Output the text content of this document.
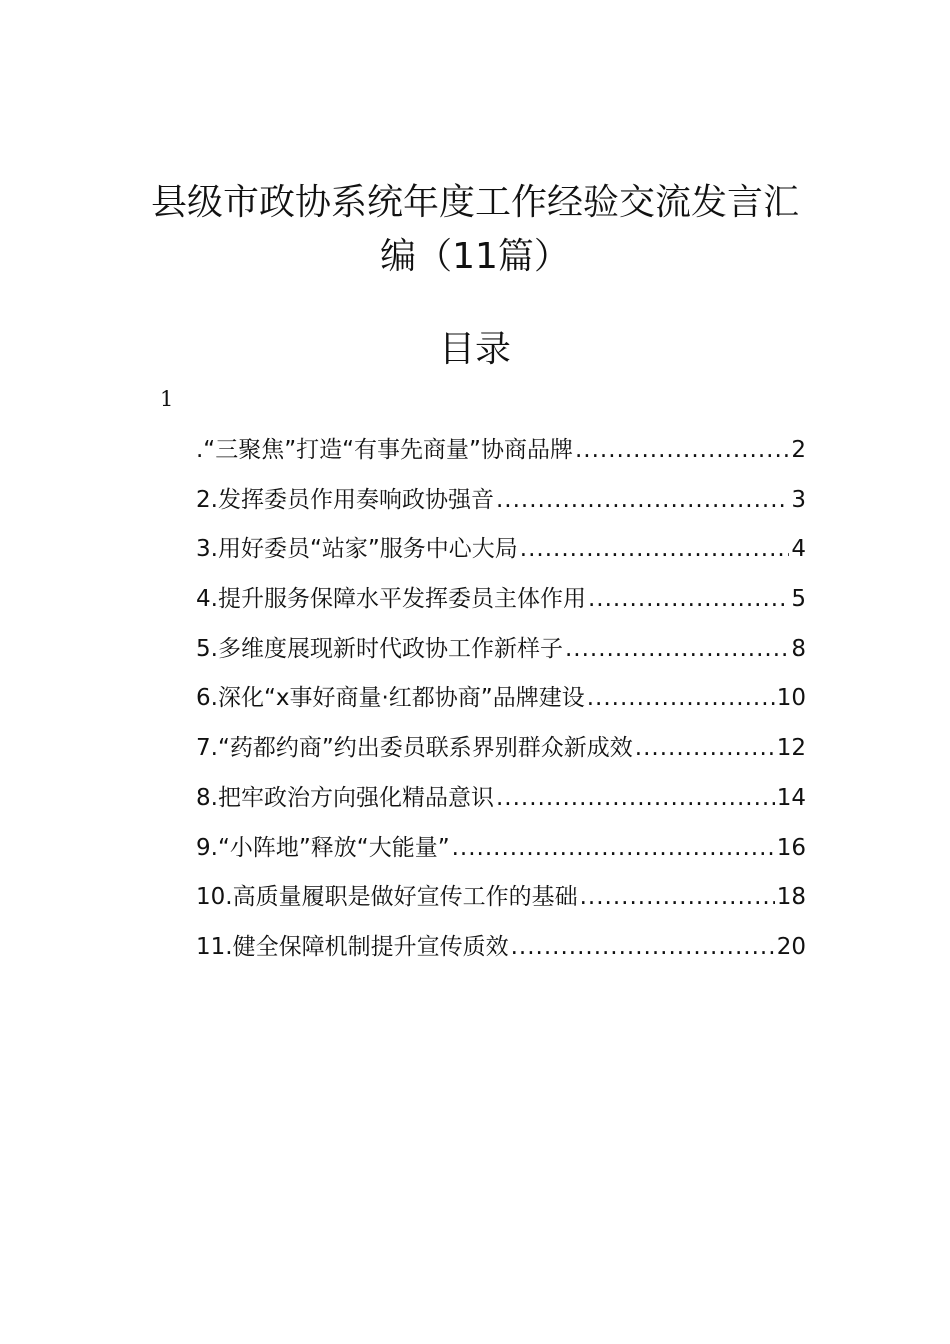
县级市政协系统年度工作经验交流发言汇
编（11篇）
目录
1
.“三聚焦”打造“有事先商量”协商品牌 .....	2
2.发挥委员作用奏响政协强音 .....	3
3.用好委员“站家”服务中心大局 .....	4
4.提升服务保障水平发挥委员主体作用 .....	5
5.多维度展现新时代政协工作新样子 .....	8
6.深化“x事好商量·红都协商”品牌建设 .....	10
7.“药都约商”约出委员联系界别群众新成效 .....	12
8.把牢政治方向强化精品意识 .....	14
9.“小阵地”释放“大能量” .....	16
10.高质量履职是做好宣传工作的基础 .....	18
11.健全保障机制提升宣传质效 .....	20
